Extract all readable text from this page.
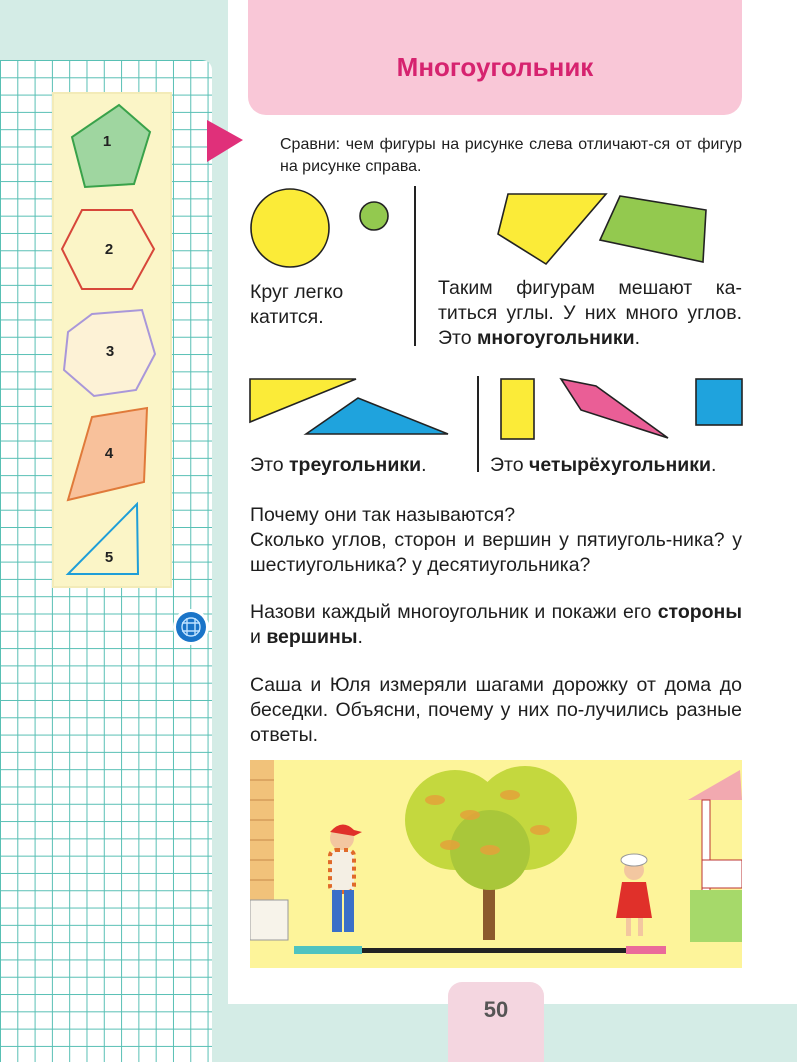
1
2
3
4
5
Многоугольник
Сравни: чем фигуры на рисунке слева отличают-ся от фигур на рисунке справа.
Круг легко катится.
Таким фигурам мешают ка-титься углы. У них много углов. Это многоугольники.
Это треугольники.	Это четырёхугольники.
Почему они так называются?
Сколько углов, сторон и вершин у пятиуголь-ника? у шестиугольника? у десятиугольника?
Назови каждый многоугольник и покажи его стороны и вершины.
Саша и Юля измеряли шагами дорожку от дома до беседки. Объясни, почему у них по-лучились разные ответы.
50
